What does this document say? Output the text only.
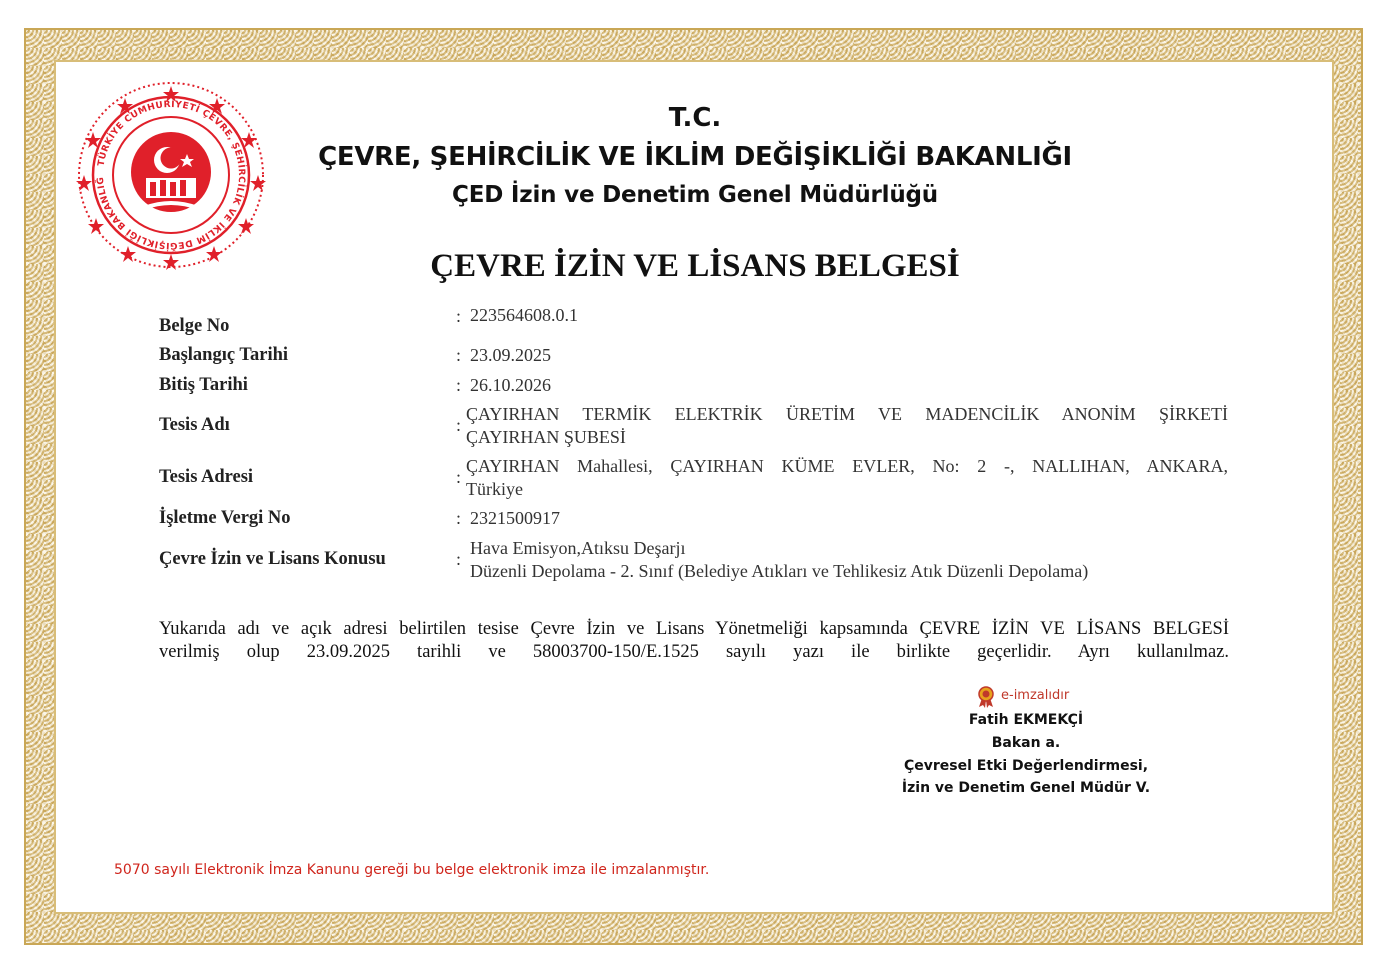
TÜRKİYE CUMHURİYETİ ÇEVRE, ŞEHİRCİLİK VE İKLİM DEĞİŞİKLİĞİ BAKANLIĞ
T.C.
ÇEVRE, ŞEHİRCİLİK VE İKLİM DEĞİŞİKLİĞİ BAKANLIĞI
ÇED İzin ve Denetim Genel Müdürlüğü
ÇEVRE İZİN VE LİSANS BELGESİ
Belge No	: 223564608.0.1
Başlangıç Tarihi	: 23.09.2025
Bitiş Tarihi	: 26.10.2026
Tesis Adı	:
ÇAYIRHAN TERMİK ELEKTRİK ÜRETİM VE MADENCİLİK ANONİM ŞİRKETİ
ÇAYIRHAN ŞUBESİ
Tesis Adresi	:
ÇAYIRHAN Mahallesi, ÇAYIRHAN KÜME EVLER, No: 2 -, NALLIHAN, ANKARA,
Türkiye
İşletme Vergi No	: 2321500917
Çevre İzin ve Lisans Konusu	:
Hava Emisyon,Atıksu Deşarjı
Düzenli Depolama - 2. Sınıf (Belediye Atıkları ve Tehlikesiz Atık Düzenli Depolama)
Yukarıda adı ve açık adresi belirtilen tesise Çevre İzin ve Lisans Yönetmeliği kapsamında ÇEVRE İZİN VE LİSANS BELGESİ
verilmiş olup 23.09.2025 tarihli ve 58003700-150/E.1525 sayılı yazı ile birlikte geçerlidir. Ayrı kullanılmaz.
e-imzalıdır
Fatih EKMEKÇİ
Bakan a.
Çevresel Etki Değerlendirmesi,
İzin ve Denetim Genel Müdür V.
5070 sayılı Elektronik İmza Kanunu gereği bu belge elektronik imza ile imzalanmıştır.
